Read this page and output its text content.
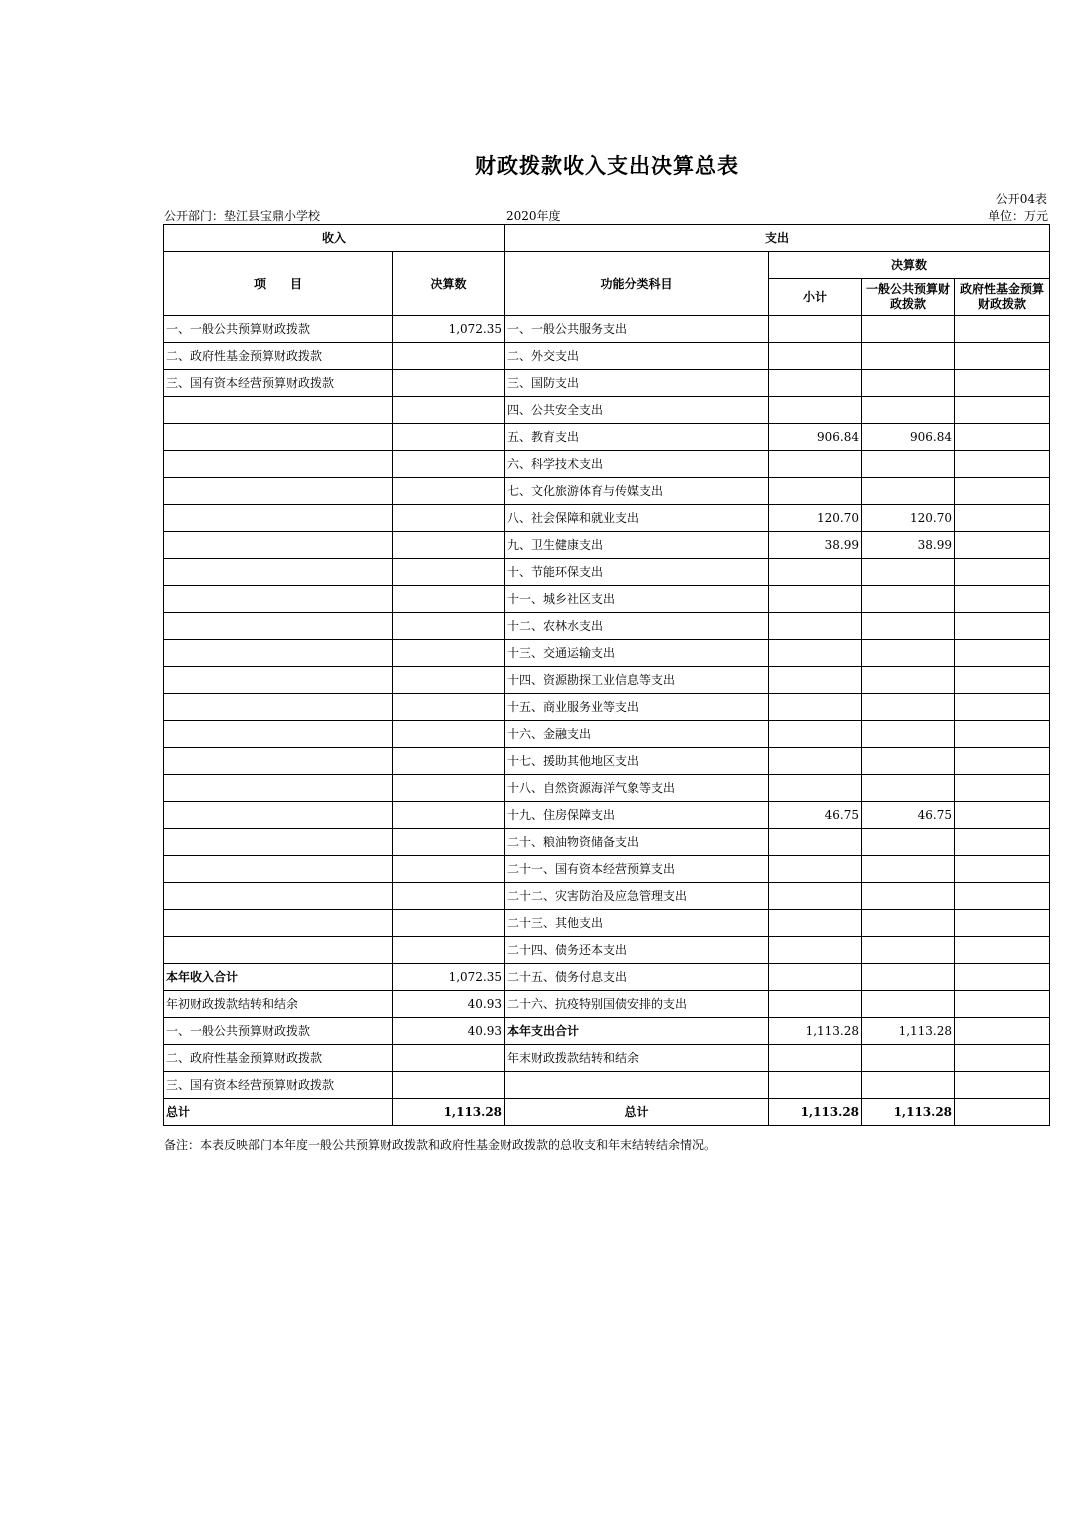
财政拨款收入支出决算总表
公开04表
公开部门：垫江县宝鼎小学校	2020年度	单位：万元
收入		支出			
项　　目	决算数	功能分类科目	决算数		
			小计	一般公共预算财政拨款	政府性基金预算财政拨款
一、一般公共预算财政拨款	1,072.35	一、一般公共服务支出			
二、政府性基金预算财政拨款		二、外交支出			
三、国有资本经营预算财政拨款		三、国防支出			
		四、公共安全支出			
		五、教育支出	906.84	906.84	
		六、科学技术支出			
		七、文化旅游体育与传媒支出			
		八、社会保障和就业支出	120.70	120.70	
		九、卫生健康支出	38.99	38.99	
		十、节能环保支出			
		十一、城乡社区支出			
		十二、农林水支出			
		十三、交通运输支出			
		十四、资源勘探工业信息等支出			
		十五、商业服务业等支出			
		十六、金融支出			
		十七、援助其他地区支出			
		十八、自然资源海洋气象等支出			
		十九、住房保障支出	46.75	46.75	
		二十、粮油物资储备支出			
		二十一、国有资本经营预算支出			
		二十二、灾害防治及应急管理支出			
		二十三、其他支出			
		二十四、债务还本支出			
本年收入合计	1,072.35	二十五、债务付息支出			
年初财政拨款结转和结余	40.93	二十六、抗疫特别国债安排的支出			
一、一般公共预算财政拨款	40.93	本年支出合计	1,113.28	1,113.28	
二、政府性基金预算财政拨款		年末财政拨款结转和结余			
三、国有资本经营预算财政拨款					
总计	1,113.28	总计	1,113.28	1,113.28	
备注：本表反映部门本年度一般公共预算财政拨款和政府性基金财政拨款的总收支和年末结转结余情况。
